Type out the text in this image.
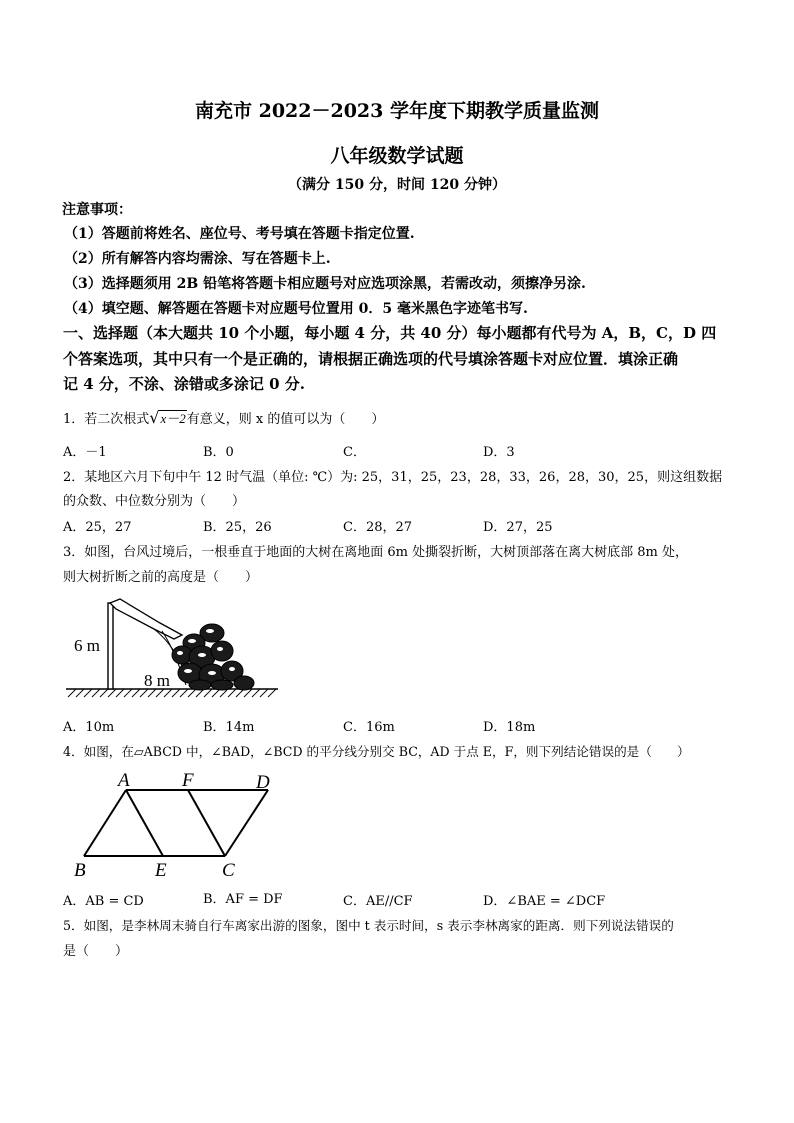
南充市 2022－2023 学年度下期教学质量监测
八年级数学试题
（满分 150 分，时间 120 分钟）
注意事项：
（1）答题前将姓名、座位号、考号填在答题卡指定位置.
（2）所有解答内容均需涂、写在答题卡上.
（3）选择题须用 2B 铅笔将答题卡相应题号对应选项涂黑，若需改动，须擦净另涂.
（4）填空题、解答题在答题卡对应题号位置用 0．5 毫米黑色字迹笔书写.
一、选择题（本大题共 10 个小题，每小题 4 分，共 40 分）每小题都有代号为 A，B，C，D 四
个答案选项，其中只有一个是正确的，请根据正确选项的代号填涂答题卡对应位置．填涂正确
记 4 分，不涂、涂错或多涂记 0 分.
1．若二次根式√x－2有意义，则 x 的值可以为（　　）
A．－1	B．0	C．	D．3
2．某地区六月下旬中午 12 时气温（单位: ℃）为: 25，31，25，23，28，33，26，28，30，25，则这组数据
的众数、中位数分别为（　　）
A．25，27	B．25，26	C．28，27	D．27，25
3．如图，台风过境后，一根垂直于地面的大树在离地面 6m 处撕裂折断，大树顶部落在离大树底部 8m 处，
则大树折断之前的高度是（　　）
6 m
8 m
A．10m	B．14m	C．16m	D．18m
4．如图，在▱ABCD 中，∠BAD，∠BCD 的平分线分别交 BC，AD 于点 E，F，则下列结论错误的是（　　）
A	F	D
B	E	C
A．AB = CD	B．AF = DF	C．AE//CF	D．∠BAE = ∠DCF
5．如图，是李林周末骑自行车离家出游的图象，图中 t 表示时间，s 表示李林离家的距离．则下列说法错误的
是（　　）
